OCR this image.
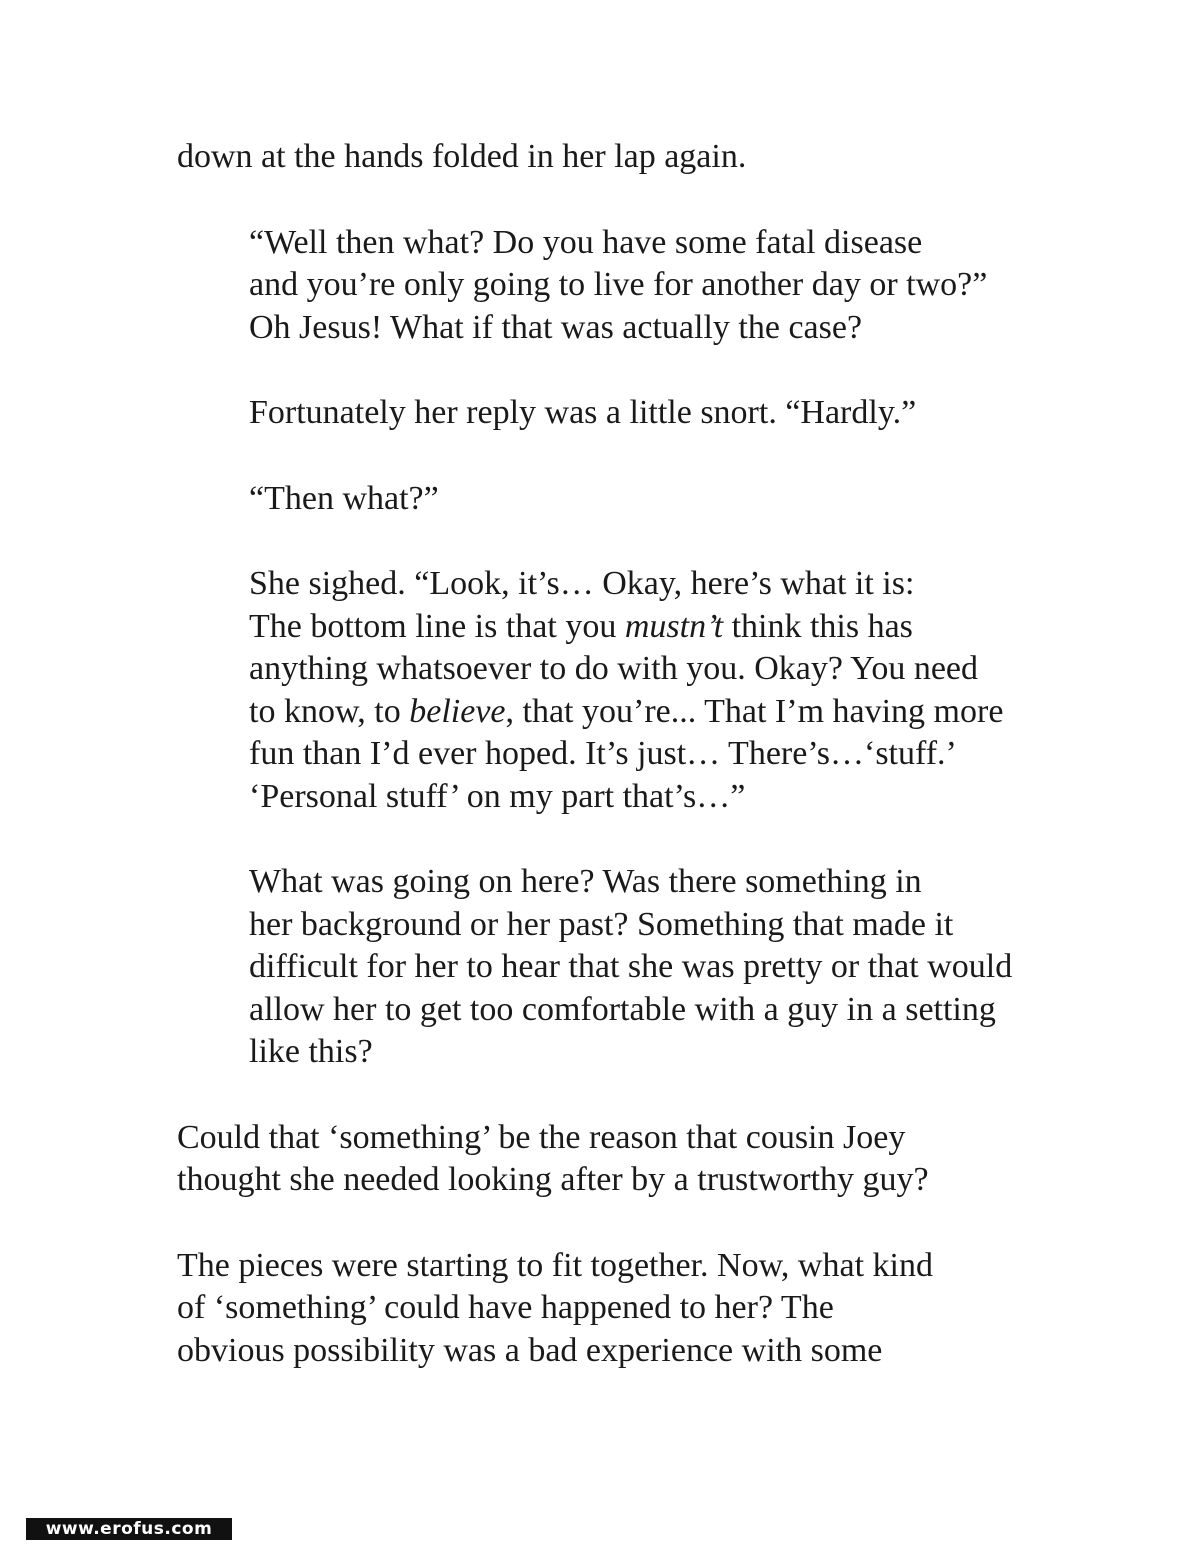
down at the hands folded in her lap again.
“Well then what? Do you have some fatal disease
and you’re only going to live for another day or two?”
Oh Jesus! What if that was actually the case?
Fortunately her reply was a little snort. “Hardly.”
“Then what?”
She sighed. “Look, it’s… Okay, here’s what it is:
The bottom line is that you mustn’t think this has
anything whatsoever to do with you. Okay? You need
to know, to believe, that you’re... That I’m having more
fun than I’d ever hoped. It’s just… There’s…‘stuff.’
‘Personal stuff’ on my part that’s…”
What was going on here? Was there something in
her background or her past? Something that made it
difficult for her to hear that she was pretty or that would
allow her to get too comfortable with a guy in a setting
like this?
Could that ‘something’ be the reason that cousin Joey
thought she needed looking after by a trustworthy guy?
The pieces were starting to fit together. Now, what kind
of ‘something’ could have happened to her? The
obvious possibility was a bad experience with some
www.erofus.com
